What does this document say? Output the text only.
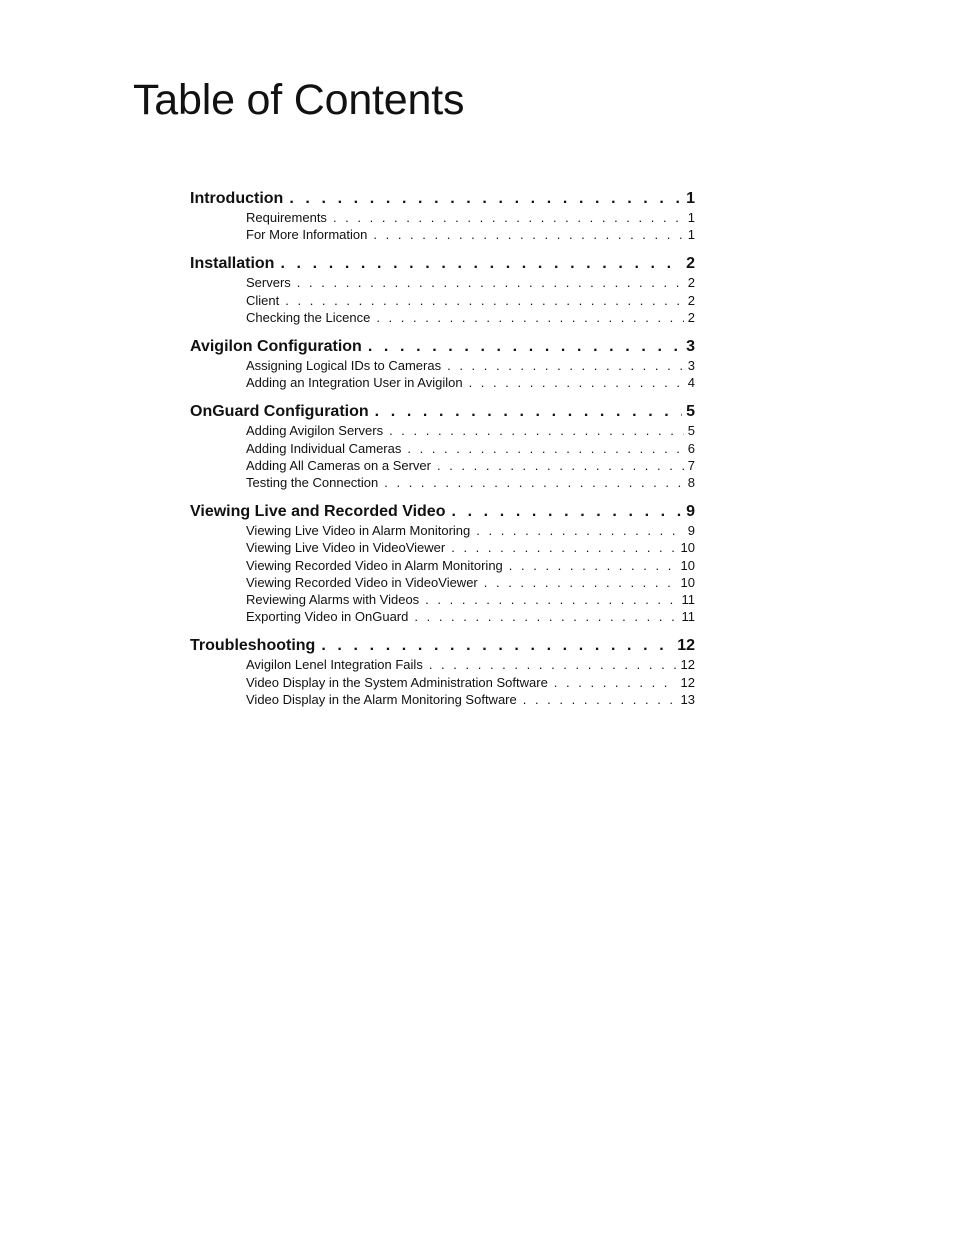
Table of Contents
Introduction . . .	1
Requirements . . .	1
For More Information . . .	1
Installation . . .	2
Servers . . .	2
Client . . .	2
Checking the Licence . . .	2
Avigilon Configuration . . .	3
Assigning Logical IDs to Cameras . . .	3
Adding an Integration User in Avigilon . . .	4
OnGuard Configuration . . .	5
Adding Avigilon Servers . . .	5
Adding Individual Cameras . . .	6
Adding All Cameras on a Server . . .	7
Testing the Connection . . .	8
Viewing Live and Recorded Video . . .	9
Viewing Live Video in Alarm Monitoring . . .	9
Viewing Live Video in VideoViewer . . .	10
Viewing Recorded Video in Alarm Monitoring . . .	10
Viewing Recorded Video in VideoViewer . . .	10
Reviewing Alarms with Videos . . .	11
Exporting Video in OnGuard . . .	11
Troubleshooting . . .	12
Avigilon Lenel Integration Fails . . .	12
Video Display in the System Administration Software . . .	12
Video Display in the Alarm Monitoring Software . . .	13
